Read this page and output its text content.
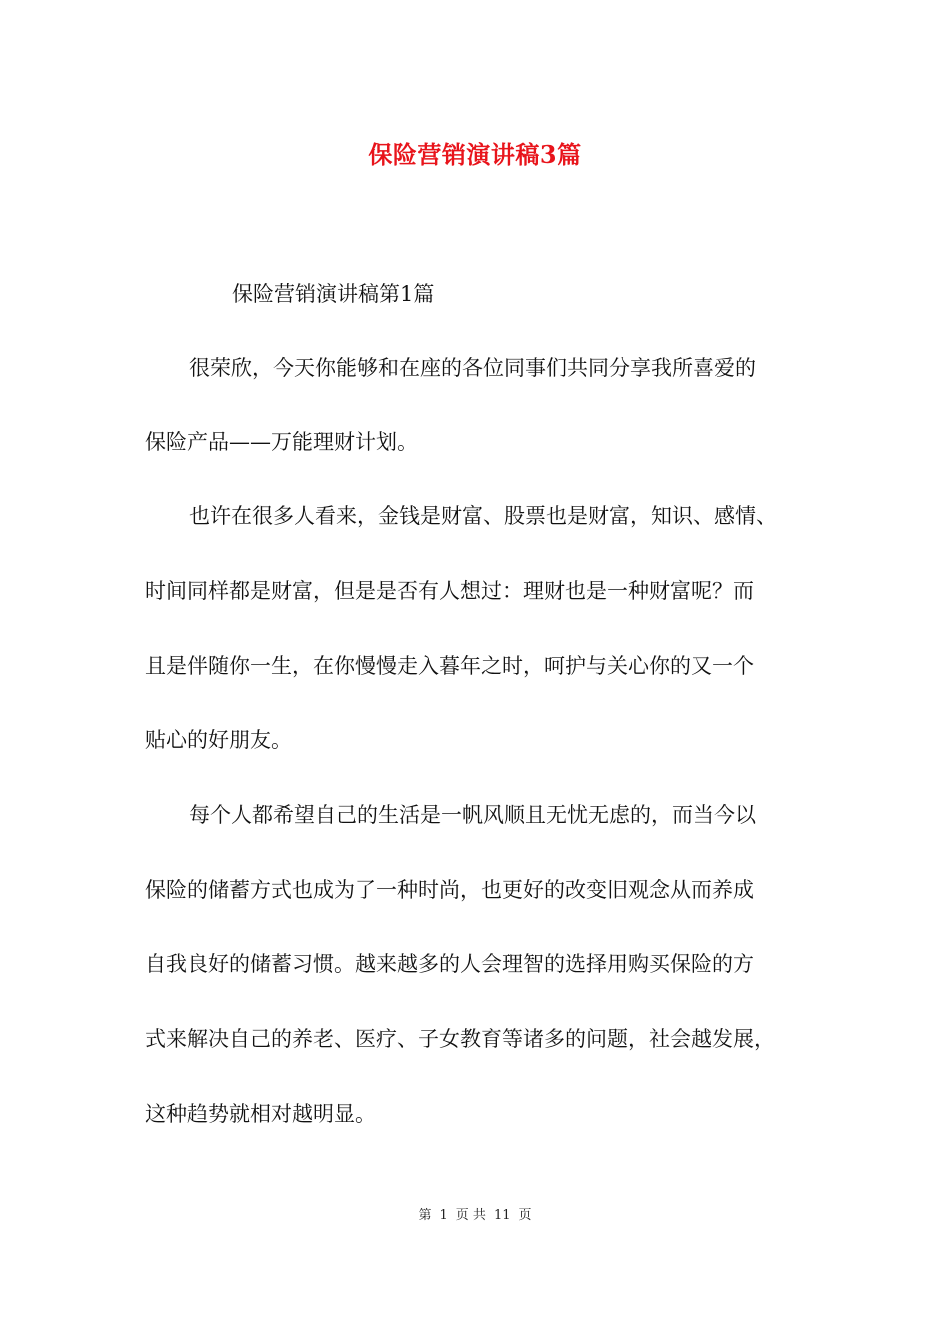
保险营销演讲稿3篇
保险营销演讲稿第1篇

很荣欣，今天你能够和在座的各位同事们共同分享我所喜爱的

保险产品——万能理财计划。

也许在很多人看来，金钱是财富、股票也是财富，知识、感情、

时间同样都是财富，但是是否有人想过：理财也是一种财富呢？而

且是伴随你一生，在你慢慢走入暮年之时，呵护与关心你的又一个

贴心的好朋友。

每个人都希望自己的生活是一帆风顺且无忧无虑的，而当今以

保险的储蓄方式也成为了一种时尚，也更好的改变旧观念从而养成

自我良好的储蓄习惯。越来越多的人会理智的选择用购买保险的方

式来解决自己的养老、医疗、子女教育等诸多的问题，社会越发展，

这种趋势就相对越明显。

第 1 页 共 11 页
